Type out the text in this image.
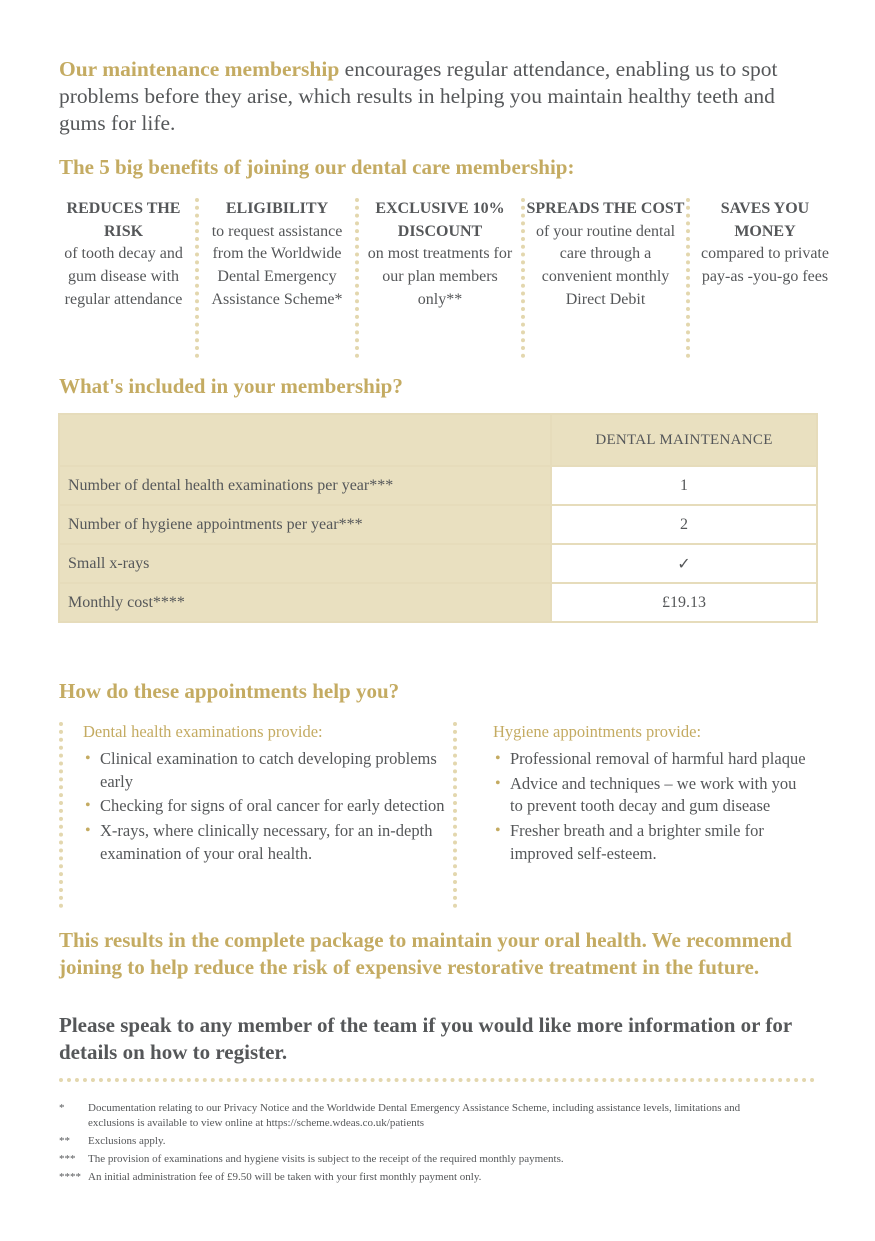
Our maintenance membership encourages regular attendance, enabling us to spot problems before they arise, which results in helping you maintain healthy teeth and gums for life.

The 5 big benefits of joining our dental care membership:
REDUCES THE RISK
of tooth decay and gum disease with regular attendance
ELIGIBILITY
to request assistance from the Worldwide Dental Emergency Assistance Scheme*
EXCLUSIVE 10% DISCOUNT
on most treatments for our plan members only**
SPREADS THE COST
of your routine dental care through a convenient monthly Direct Debit
SAVES YOU MONEY
compared to private pay-as -you-go fees
What's included in your membership?
	DENTAL MAINTENANCE
Number of dental health examinations per year***	1
Number of hygiene appointments per year***	2
Small x-rays	✓
Monthly cost****	£19.13
How do these appointments help you?
Dental health examinations provide:
• Clinical examination to catch developing problems early
• Checking for signs of oral cancer for early detection
• X-rays, where clinically necessary, for an in-depth examination of your oral health.
Hygiene appointments provide:
• Professional removal of harmful hard plaque
• Advice and techniques – we work with you to prevent tooth decay and gum disease
• Fresher breath and a brighter smile for improved self-esteem.

This results in the complete package to maintain your oral health. We recommend joining to help reduce the risk of expensive restorative treatment in the future.

Please speak to any member of the team if you would like more information or for details on how to register.

*	Documentation relating to our Privacy Notice and the Worldwide Dental Emergency Assistance Scheme, including assistance levels, limitations and exclusions is available to view online at https://scheme.wdeas.co.uk/patients
**	Exclusions apply.
***	The provision of examinations and hygiene visits is subject to the receipt of the required monthly payments.
**** An initial administration fee of £9.50 will be taken with your first monthly payment only.
